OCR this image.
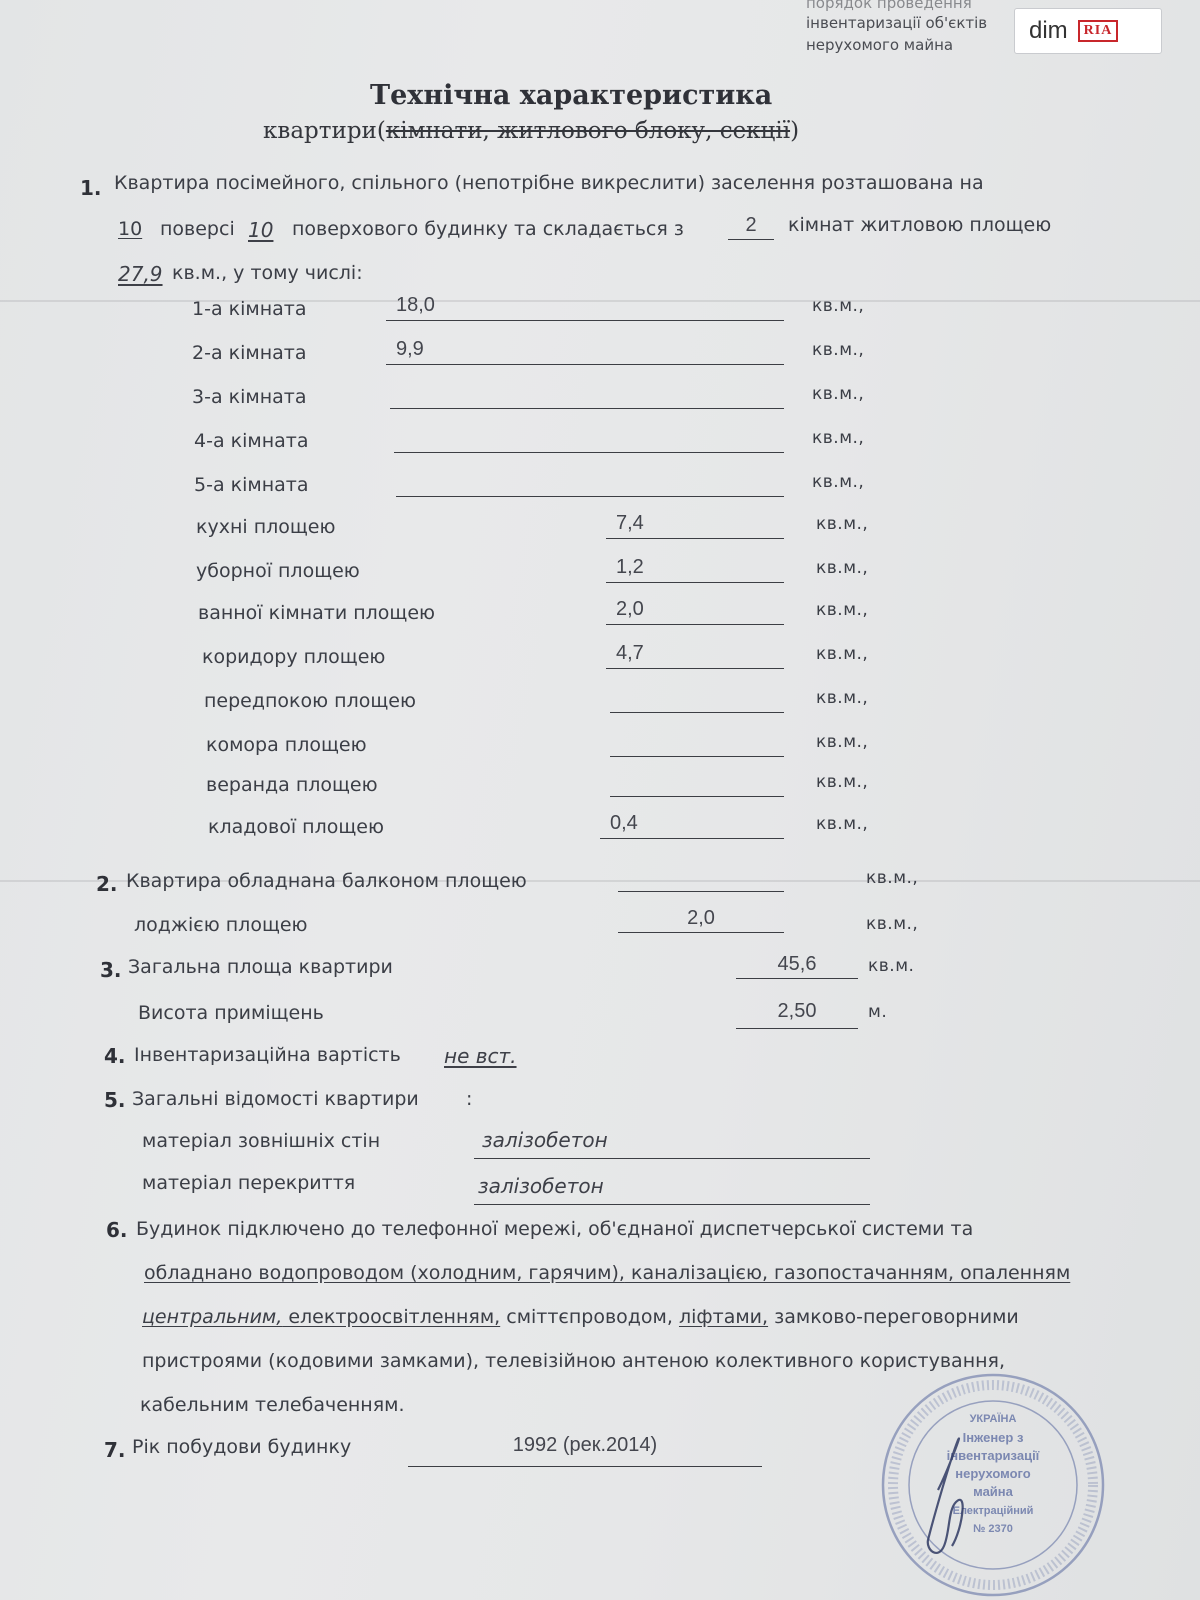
dim	RIA
порядок проведення
інвентаризації об'єктів
нерухомого майна
Технічна характеристика
квартири(кімнати, житлового блоку, секції)
1. Квартира посімейного, спільного (непотрібне викреслити) заселення розташована на
10 поверсі 10 поверхового будинку та складається з	2	кімнат житловою площею
27,9 кв.м., у тому числі:
1-а кімната	18,0	кв.м.,
2-а кімната	9,9	кв.м.,
3-а кімната	кв.м.,
4-а кімната	кв.м.,
5-а кімната	кв.м.,
кухні площею	7,4	кв.м.,
уборної площею	1,2	кв.м.,
ванної кімнати площею	2,0	кв.м.,
коридору площею	4,7	кв.м.,
передпокою площею	кв.м.,
комора площею	кв.м.,
веранда площею	кв.м.,
кладової площею	0,4	кв.м.,
2. Квартира обладнана балконом площею	кв.м.,
лоджією площею	2,0	кв.м.,
3. Загальна площа квартири	45,6	кв.м.
Висота приміщень	2,50	м.
4. Інвентаризаційна вартість не вст.
5. Загальні відомості квартири :
матеріал зовнішніх стін	залізобетон
матеріал перекриття	залізобетон
6. Будинок підключено до телефонної мережі, об'єднаної диспетчерської системи та
обладнано водопроводом (холодним, гарячим), каналізацією, газопостачанням, опаленням
центральним, електроосвітленням, сміттєпроводом, ліфтами, замково-переговорними
пристроями (кодовими замками), телевізійною антеною колективного користування,
кабельним телебаченням.
7. Рік побудови будинку	1992 (рек.2014)
УКРАЇНА
Інженер з
інвентаризації
нерухомого
майна
Електраційний
№ 2370
